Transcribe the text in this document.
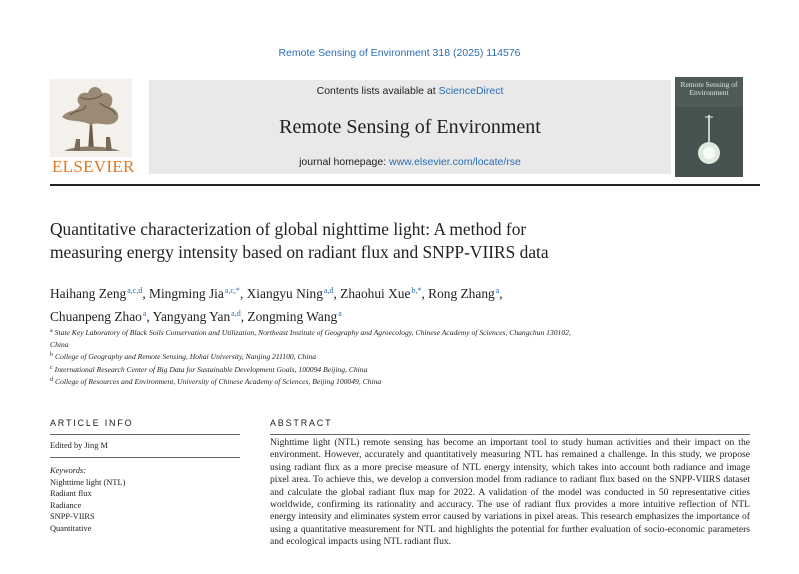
Remote Sensing of Environment 318 (2025) 114576
ELSEVIER
Contents lists available at ScienceDirect
Remote Sensing of Environment
journal homepage: www.elsevier.com/locate/rse
Remote Sensing of Environment
Quantitative characterization of global nighttime light: A method for
measuring energy intensity based on radiant flux and SNPP-VIIRS data
Haihang Zeng$^{a,c,d}$, Mingming Jia$^{a,c,*}$, Xiangyu Ning$^{a,d}$, Zhaohui Xue$^{b,*}$, Rong Zhang$^a$,
Chuanpeng Zhao$^a$, Yangyang Yan$^{a,d}$, Zongming Wang$^a$
$^a$ State Key Laboratory of Black Soils Conservation and Utilization, Northeast Institute of Geography and Agroecology, Chinese Academy of Sciences, Changchun 130102,
China
$^b$ College of Geography and Remote Sensing, Hohai University, Nanjing 211100, China
$^c$ International Research Center of Big Data for Sustainable Development Goals, 100094 Beijing, China
$^d$ College of Resources and Environment, University of Chinese Academy of Sciences, Beijing 100049, China
ARTICLE INFO
Edited by Jing M
Keywords:
Nighttime light (NTL)
Radiant flux
Radiance
SNPP-VIIRS
Quantitative
ABSTRACT
Nighttime light (NTL) remote sensing has become an important tool to study human activities and their impact on the environment. However, accurately and quantitatively measuring NTL has remained a challenge. In this study, we propose using radiant flux as a more precise measure of NTL energy intensity, which takes into account both radiance and image pixel area. To achieve this, we develop a conversion model from radiance to radiant flux based on the SNPP-VIIRS dataset and calculate the global radiant flux map for 2022. A validation of the model was conducted in 50 representative cities worldwide, confirming its rationality and accuracy. The use of radiant flux provides a more intuitive reflection of NTL energy intensity and eliminates system error caused by variations in pixel areas. This research emphasizes the importance of using a quantitative measurement for NTL and highlights the potential for further evaluation of socio-economic parameters and ecological impacts using NTL radiant flux.
